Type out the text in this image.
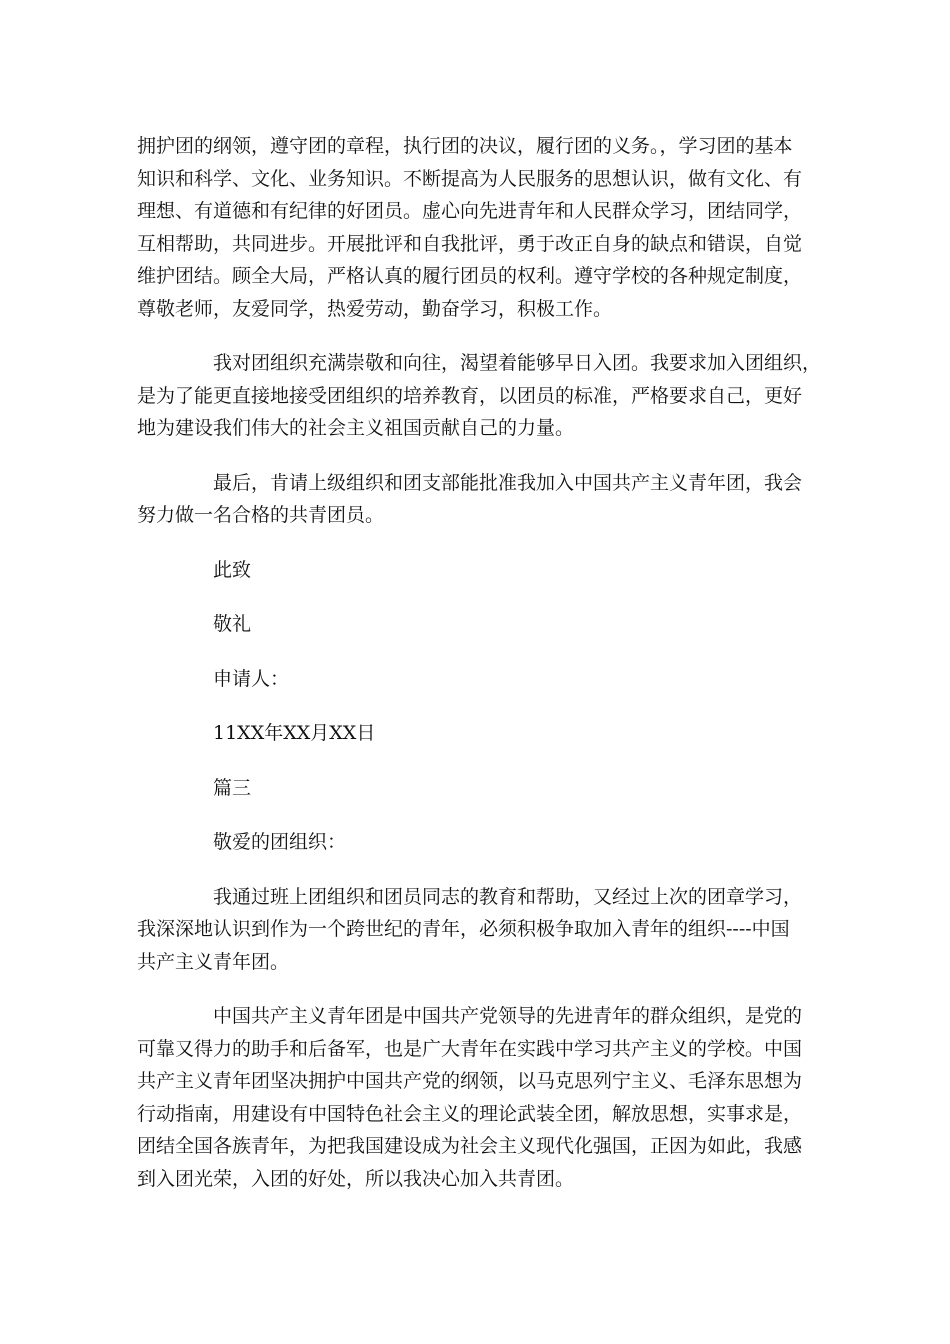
拥护团的纲领，遵守团的章程，执行团的决议，履行团的义务。，学习团的基本
知识和科学、文化、业务知识。不断提高为人民服务的思想认识，做有文化、有
理想、有道德和有纪律的好团员。虚心向先进青年和人民群众学习，团结同学，
互相帮助，共同进步。开展批评和自我批评，勇于改正自身的缺点和错误，自觉
维护团结。顾全大局，严格认真的履行团员的权利。遵守学校的各种规定制度，
尊敬老师，友爱同学，热爱劳动，勤奋学习，积极工作。
我对团组织充满崇敬和向往，渴望着能够早日入团。我要求加入团组织，
是为了能更直接地接受团组织的培养教育，以团员的标准，严格要求自己，更好
地为建设我们伟大的社会主义祖国贡献自己的力量。
最后，肯请上级组织和团支部能批准我加入中国共产主义青年团，我会
努力做一名合格的共青团员。
此致
敬礼
申请人：
11XX年XX月XX日
篇三
敬爱的团组织：
我通过班上团组织和团员同志的教育和帮助，又经过上次的团章学习，
我深深地认识到作为一个跨世纪的青年，必须积极争取加入青年的组织----中国
共产主义青年团。
中国共产主义青年团是中国共产党领导的先进青年的群众组织，是党的
可靠又得力的助手和后备军，也是广大青年在实践中学习共产主义的学校。中国
共产主义青年团坚决拥护中国共产党的纲领，以马克思列宁主义、毛泽东思想为
行动指南，用建设有中国特色社会主义的理论武装全团，解放思想，实事求是，
团结全国各族青年，为把我国建设成为社会主义现代化强国，正因为如此，我感
到入团光荣，入团的好处，所以我决心加入共青团。
